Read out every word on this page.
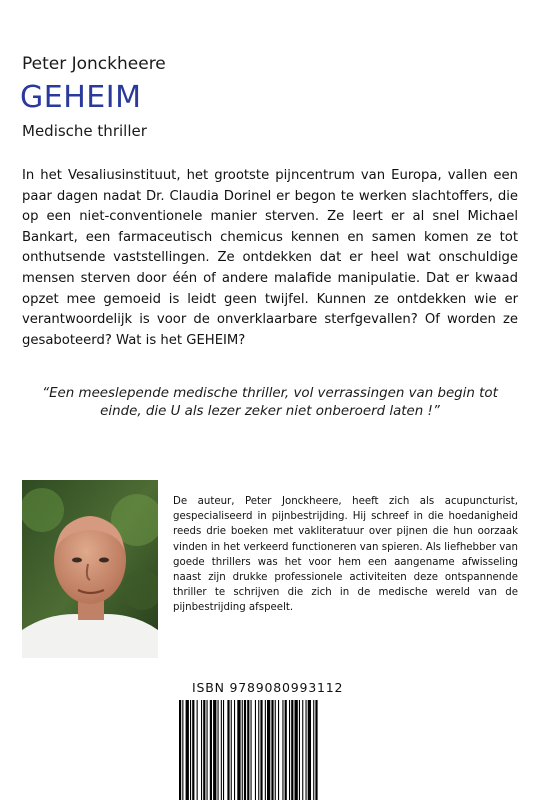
Peter Jonckheere
GEHEIM
Medische thriller
In het Vesaliusinstituut, het grootste pijncentrum van Europa, vallen een paar dagen nadat Dr. Claudia Dorinel er begon te werken slachtoffers, die op een niet-conventionele manier sterven. Ze leert er al snel Michael Bankart, een farmaceutisch chemicus kennen en samen komen ze tot onthutsende vaststellingen. Ze ontdekken dat er heel wat onschuldige mensen sterven door één of andere malafide manipulatie. Dat er kwaad opzet mee gemoeid is leidt geen twijfel. Kunnen ze ontdekken wie er verantwoordelijk is voor de onverklaarbare sterfgevallen? Of worden ze gesaboteerd? Wat is het GEHEIM?
“Een meeslepende medische thriller, vol verrassingen van begin tot einde, die U als lezer zeker niet onberoerd laten !”
De auteur, Peter Jonckheere, heeft zich als acupuncturist, gespecialiseerd in pijnbestrijding. Hij schreef in die hoedanigheid reeds drie boeken met vakliteratuur over pijnen die hun oorzaak vinden in het verkeerd functioneren van spieren. Als liefhebber van goede thrillers was het voor hem een aangename afwisseling naast zijn drukke professionele activiteiten deze ontspannende thriller te schrijven die zich in de medische wereld van de pijnbestrijding afspeelt.
ISBN 9789080993112
